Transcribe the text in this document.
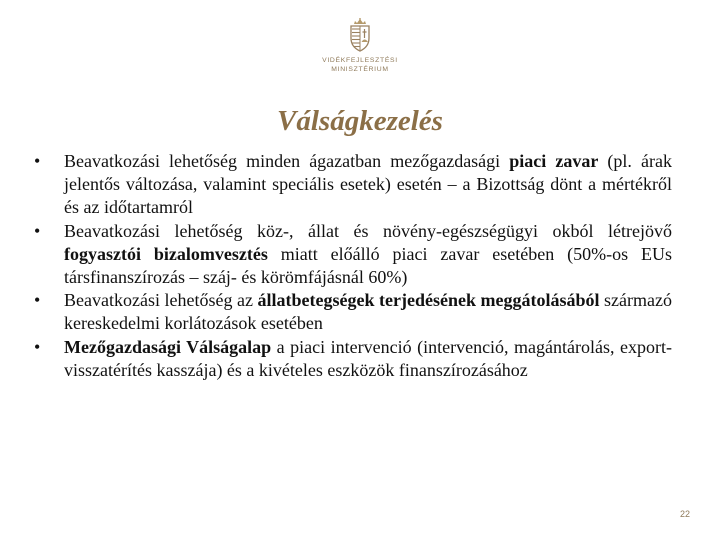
VIDÉKFEJLESZTÉSI
MINISZTÉRIUM
Válságkezelés
• Beavatkozási lehetőség minden ágazatban mezőgazdasági piaci zavar (pl. árak jelentős változása, valamint speciális esetek) esetén – a Bizottság dönt a mértékről és az időtartamról
• Beavatkozási lehetőség köz-, állat és növény-egészségügyi okból létrejövő fogyasztói bizalomvesztés miatt előálló piaci zavar esetében (50%-os EUs társfinanszírozás – száj- és körömfájásnál 60%)
• Beavatkozási lehetőség az állatbetegségek terjedésének meggátolásából származó kereskedelmi korlátozások esetében
• Mezőgazdasági Válságalap a piaci intervenció (intervenció, magántárolás, export-visszatérítés kasszája) és a kivételes eszközök finanszírozásához
22
